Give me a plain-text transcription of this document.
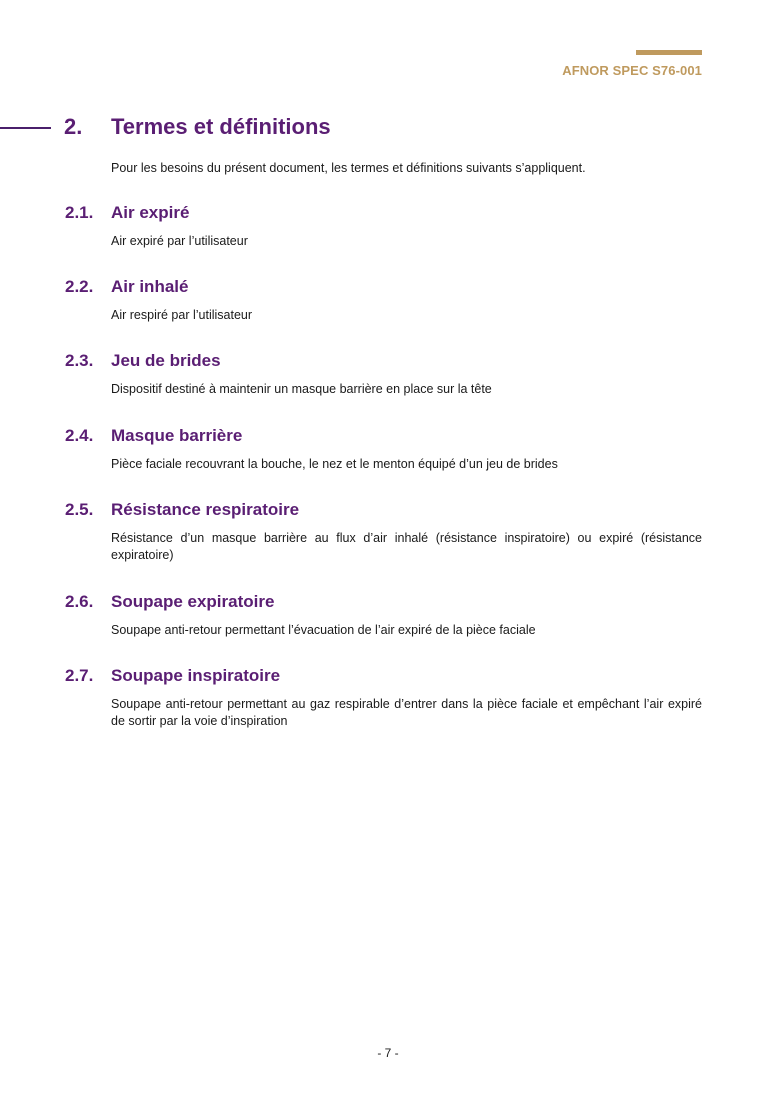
AFNOR SPEC S76-001
2. Termes et définitions
Pour les besoins du présent document, les termes et définitions suivants s’appliquent.
2.1. Air expiré
Air expiré par l’utilisateur
2.2. Air inhalé
Air respiré par l’utilisateur
2.3. Jeu de brides
Dispositif destiné à maintenir un masque barrière en place sur la tête
2.4. Masque barrière
Pièce faciale recouvrant la bouche, le nez et le menton équipé d’un jeu de brides
2.5. Résistance respiratoire
Résistance d’un masque barrière au flux d’air inhalé (résistance inspiratoire) ou expiré (résistance expiratoire)
2.6. Soupape expiratoire
Soupape anti-retour permettant l’évacuation de l’air expiré de la pièce faciale
2.7. Soupape inspiratoire
Soupape anti-retour permettant au gaz respirable d’entrer dans la pièce faciale et empêchant l’air expiré de sortir par la voie d’inspiration
- 7 -
